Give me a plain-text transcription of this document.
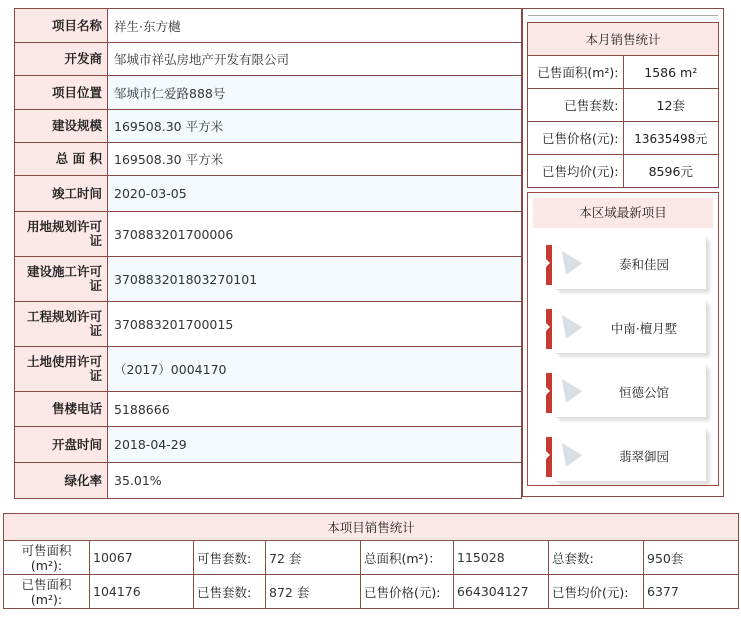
项目名称	祥生·东方樾
开发商	邹城市祥弘房地产开发有限公司
项目位置	邹城市仁爱路888号
建设规模	169508.30 平方米
总 面 积	169508.30 平方米
竣工时间	2020-03-05
用地规划许可证	370883201700006
建设施工许可证	370883201803270101
工程规划许可证	370883201700015
土地使用许可证	（2017）0004170
售楼电话	5188666
开盘时间	2018-04-29
绿化率	35.01%
本月销售统计	
已售面积(m²):	1586 m²
已售套数:	12套
已售价格(元):	13635498元
已售均价(元):	8596元
本区域最新项目
泰和佳园
中南·檀月墅
恒德公馆
翡翠御园
本项目销售统计							
可售面积(m²):	10067	可售套数:	72 套	总面积(m²)：	115028	总套数:	950套
已售面积(m²):	104176	已售套数:	872 套	已售价格(元):	664304127	已售均价(元):	6377
